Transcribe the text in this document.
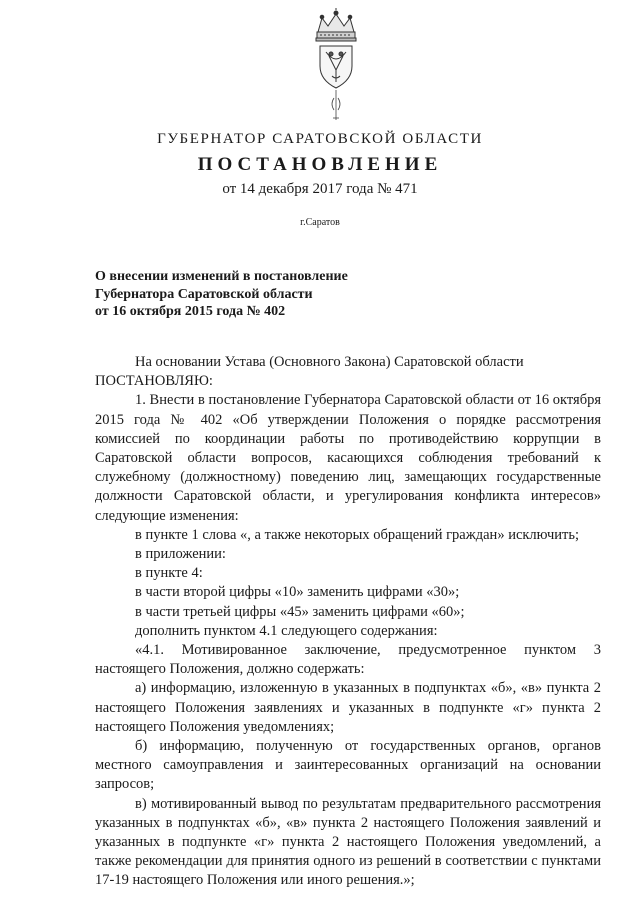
ГУБЕРНАТОР САРАТОВСКОЙ ОБЛАСТИ
ПОСТАНОВЛЕНИЕ
от 14 декабря 2017 года № 471
г.Саратов
О внесении изменений в постановление
Губернатора Саратовской области
от 16 октября 2015 года № 402

На основании Устава (Основного Закона) Саратовской области

ПОСТАНОВЛЯЮ:

1. Внести в постановление Губернатора Саратовской области от 16 октября 2015 года № 402 «Об утверждении Положения о порядке рассмотрения комиссией по координации работы по противодействию коррупции в Саратовской области вопросов, касающихся соблюдения требований к служебному (должностному) поведению лиц, замещающих государственные должности Саратовской области, и урегулирования конфликта интересов» следующие изменения:

в пункте 1 слова «, а также некоторых обращений граждан» исключить;

в приложении:

в пункте 4:

в части второй цифры «10» заменить цифрами «30»;

в части третьей цифры «45» заменить цифрами «60»;

дополнить пунктом 4.1 следующего содержания:

«4.1. Мотивированное заключение, предусмотренное пунктом 3 настоящего Положения, должно содержать:

а) информацию, изложенную в указанных в подпунктах «б», «в» пункта 2 настоящего Положения заявлениях и указанных в подпункте «г» пункта 2 настоящего Положения уведомлениях;

б) информацию, полученную от государственных органов, органов местного самоуправления и заинтересованных организаций на основании запросов;

в) мотивированный вывод по результатам предварительного рассмотрения указанных в подпунктах «б», «в» пункта 2 настоящего Положения заявлений и указанных в подпункте «г» пункта 2 настоящего Положения уведомлений, а также рекомендации для принятия одного из решений в соответствии с пунктами 17-19 настоящего Положения или иного решения.»;
